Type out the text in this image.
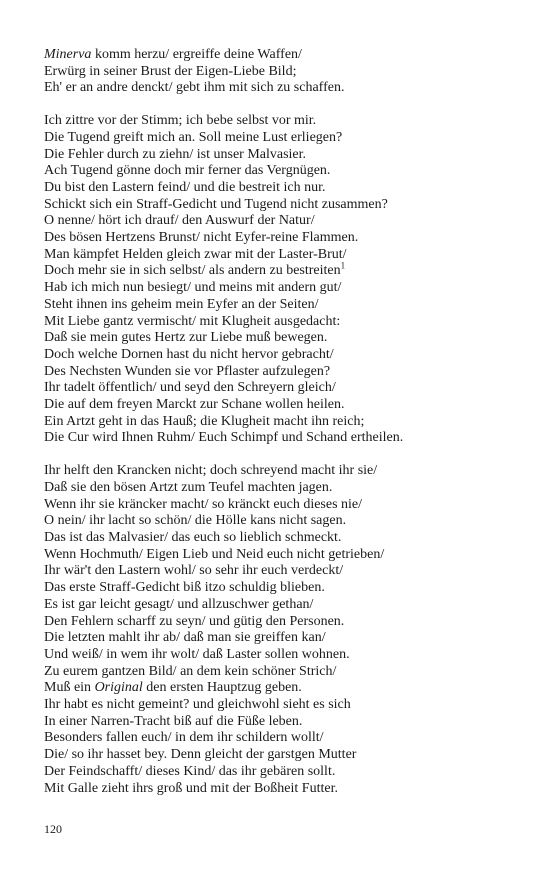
Minerva komm herzu/ ergreiffe deine Waffen/
Erwürg in seiner Brust der Eigen-Liebe Bild;
Eh' er an andre denckt/ gebt ihm mit sich zu schaffen.
Ich zittre vor der Stimm; ich bebe selbst vor mir.
Die Tugend greift mich an. Soll meine Lust erliegen?
Die Fehler durch zu ziehn/ ist unser Malvasier.
Ach Tugend gönne doch mir ferner das Vergnügen.
Du bist den Lastern feind/ und die bestreit ich nur.
Schickt sich ein Straff-Gedicht und Tugend nicht zusammen?
O nenne/ hört ich drauf/ den Auswurf der Natur/
Des bösen Hertzens Brunst/ nicht Eyfer-reine Flammen.
Man kämpfet Helden gleich zwar mit der Laster-Brut/
Doch mehr sie in sich selbst/ als andern zu bestreiten$^1$
Hab ich mich nun besiegt/ und meins mit andern gut/
Steht ihnen ins geheim mein Eyfer an der Seiten/
Mit Liebe gantz vermischt/ mit Klugheit ausgedacht:
Daß sie mein gutes Hertz zur Liebe muß bewegen.
Doch welche Dornen hast du nicht hervor gebracht/
Des Nechsten Wunden sie vor Pflaster aufzulegen?
Ihr tadelt öffentlich/ und seyd den Schreyern gleich/
Die auf dem freyen Marckt zur Schane wollen heilen.
Ein Artzt geht in das Hauß; die Klugheit macht ihn reich;
Die Cur wird Ihnen Ruhm/ Euch Schimpf und Schand ertheilen.
Ihr helft den Krancken nicht; doch schreyend macht ihr sie/
Daß sie den bösen Artzt zum Teufel machten jagen.
Wenn ihr sie kräncker macht/ so kränckt euch dieses nie/
O nein/ ihr lacht so schön/ die Hölle kans nicht sagen.
Das ist das Malvasier/ das euch so lieblich schmeckt.
Wenn Hochmuth/ Eigen Lieb und Neid euch nicht getrieben/
Ihr wär't den Lastern wohl/ so sehr ihr euch verdeckt/
Das erste Straff-Gedicht biß itzo schuldig blieben.
Es ist gar leicht gesagt/ und allzuschwer gethan/
Den Fehlern scharff zu seyn/ und gütig den Personen.
Die letzten mahlt ihr ab/ daß man sie greiffen kan/
Und weiß/ in wem ihr wolt/ daß Laster sollen wohnen.
Zu eurem gantzen Bild/ an dem kein schöner Strich/
Muß ein Original den ersten Hauptzug geben.
Ihr habt es nicht gemeint? und gleichwohl sieht es sich
In einer Narren-Tracht biß auf die Füße leben.
Besonders fallen euch/ in dem ihr schildern wollt/
Die/ so ihr hasset bey. Denn gleicht der garstgen Mutter
Der Feindschafft/ dieses Kind/ das ihr gebären sollt.
Mit Galle zieht ihrs groß und mit der Boßheit Futter.
120
